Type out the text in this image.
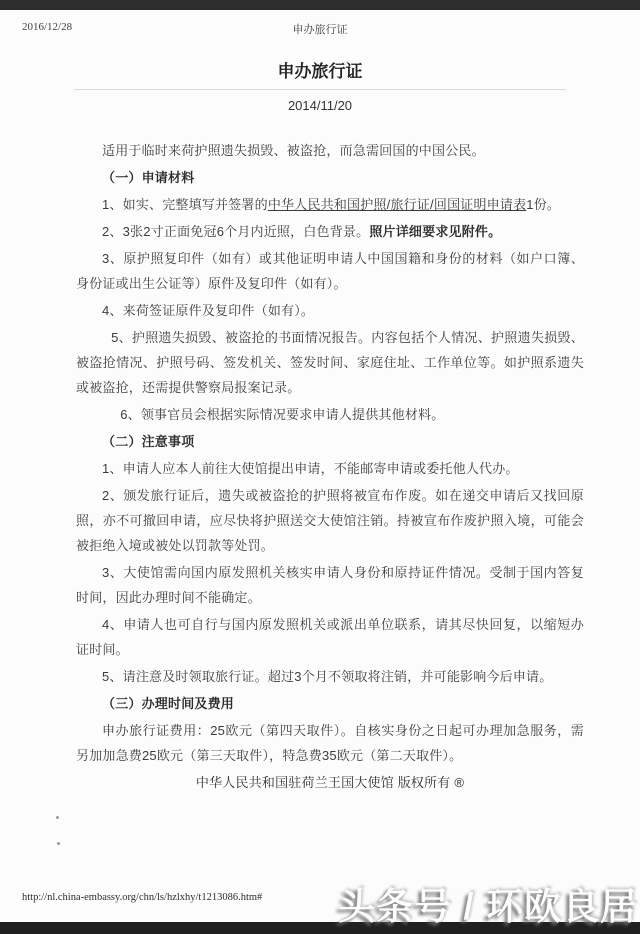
2016/12/28	申办旅行证
申办旅行证
2014/11/20

适用于临时来荷护照遗失损毁、被盗抢，而急需回国的中国公民。

（一）申请材料

1、如实、完整填写并签署的中华人民共和国护照/旅行证/回国证明申请表1份。

2、3张2寸正面免冠6个月内近照，白色背景。照片详细要求见附件。

3、原护照复印件（如有）或其他证明申请人中国国籍和身份的材料（如户口簿、身份证或出生公证等）原件及复印件（如有）。

4、来荷签证原件及复印件（如有）。

5、护照遗失损毁、被盗抢的书面情况报告。内容包括个人情况、护照遗失损毁、被盗抢情况、护照号码、签发机关、签发时间、家庭住址、工作单位等。如护照系遗失或被盗抢，还需提供警察局报案记录。

6、领事官员会根据实际情况要求申请人提供其他材料。

（二）注意事项

1、申请人应本人前往大使馆提出申请，不能邮寄申请或委托他人代办。

2、颁发旅行证后，遗失或被盗抢的护照将被宣布作废。如在递交申请后又找回原照，亦不可撤回申请，应尽快将护照送交大使馆注销。持被宣布作废护照入境，可能会被拒绝入境或被处以罚款等处罚。

3、大使馆需向国内原发照机关核实申请人身份和原持证件情况。受制于国内答复时间，因此办理时间不能确定。

4、申请人也可自行与国内原发照机关或派出单位联系，请其尽快回复，以缩短办证时间。

5、请注意及时领取旅行证。超过3个月不领取将注销，并可能影响今后申请。

（三）办理时间及费用

申办旅行证费用：25欧元（第四天取件）。自核实身份之日起可办理加急服务，需另加加急费25欧元（第三天取件），特急费35欧元（第二天取件）。

中华人民共和国驻荷兰王国大使馆 版权所有 ®

http://nl.china-embassy.org/chn/ls/hzlxhy/t1213086.htm# 头条号 / 环欧良居
